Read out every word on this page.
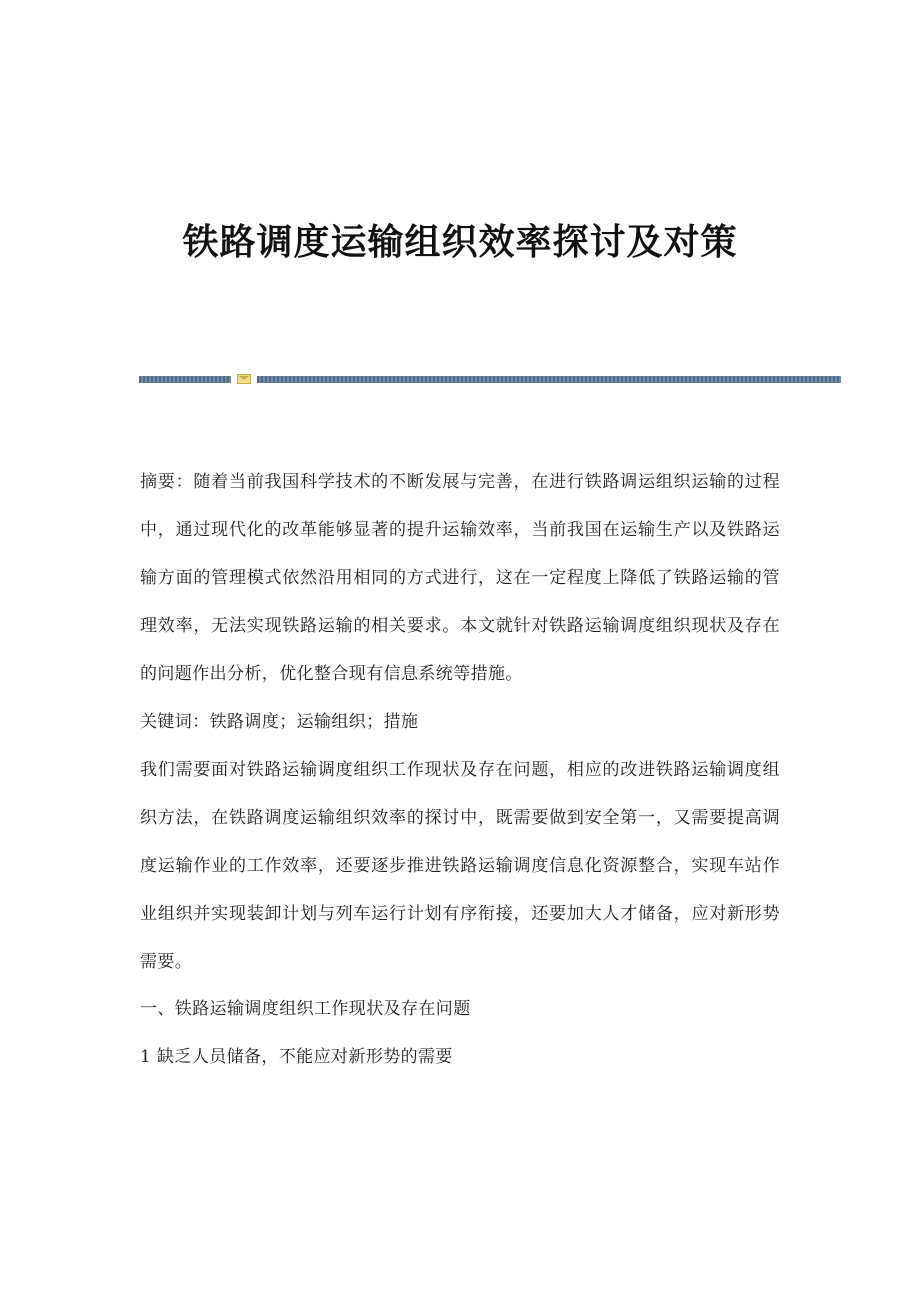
铁路调度运输组织效率探讨及对策

摘要：随着当前我国科学技术的不断发展与完善，在进行铁路调运组织运输的过程中，通过现代化的改革能够显著的提升运输效率，当前我国在运输生产以及铁路运输方面的管理模式依然沿用相同的方式进行，这在一定程度上降低了铁路运输的管理效率，无法实现铁路运输的相关要求。本文就针对铁路运输调度组织现状及存在的问题作出分析，优化整合现有信息系统等措施。

关键词：铁路调度；运输组织；措施

我们需要面对铁路运输调度组织工作现状及存在问题，相应的改进铁路运输调度组织方法，在铁路调度运输组织效率的探讨中，既需要做到安全第一，又需要提高调度运输作业的工作效率，还要逐步推进铁路运输调度信息化资源整合，实现车站作业组织并实现装卸计划与列车运行计划有序衔接，还要加大人才储备，应对新形势需要。

一、铁路运输调度组织工作现状及存在问题

1 缺乏人员储备，不能应对新形势的需要
